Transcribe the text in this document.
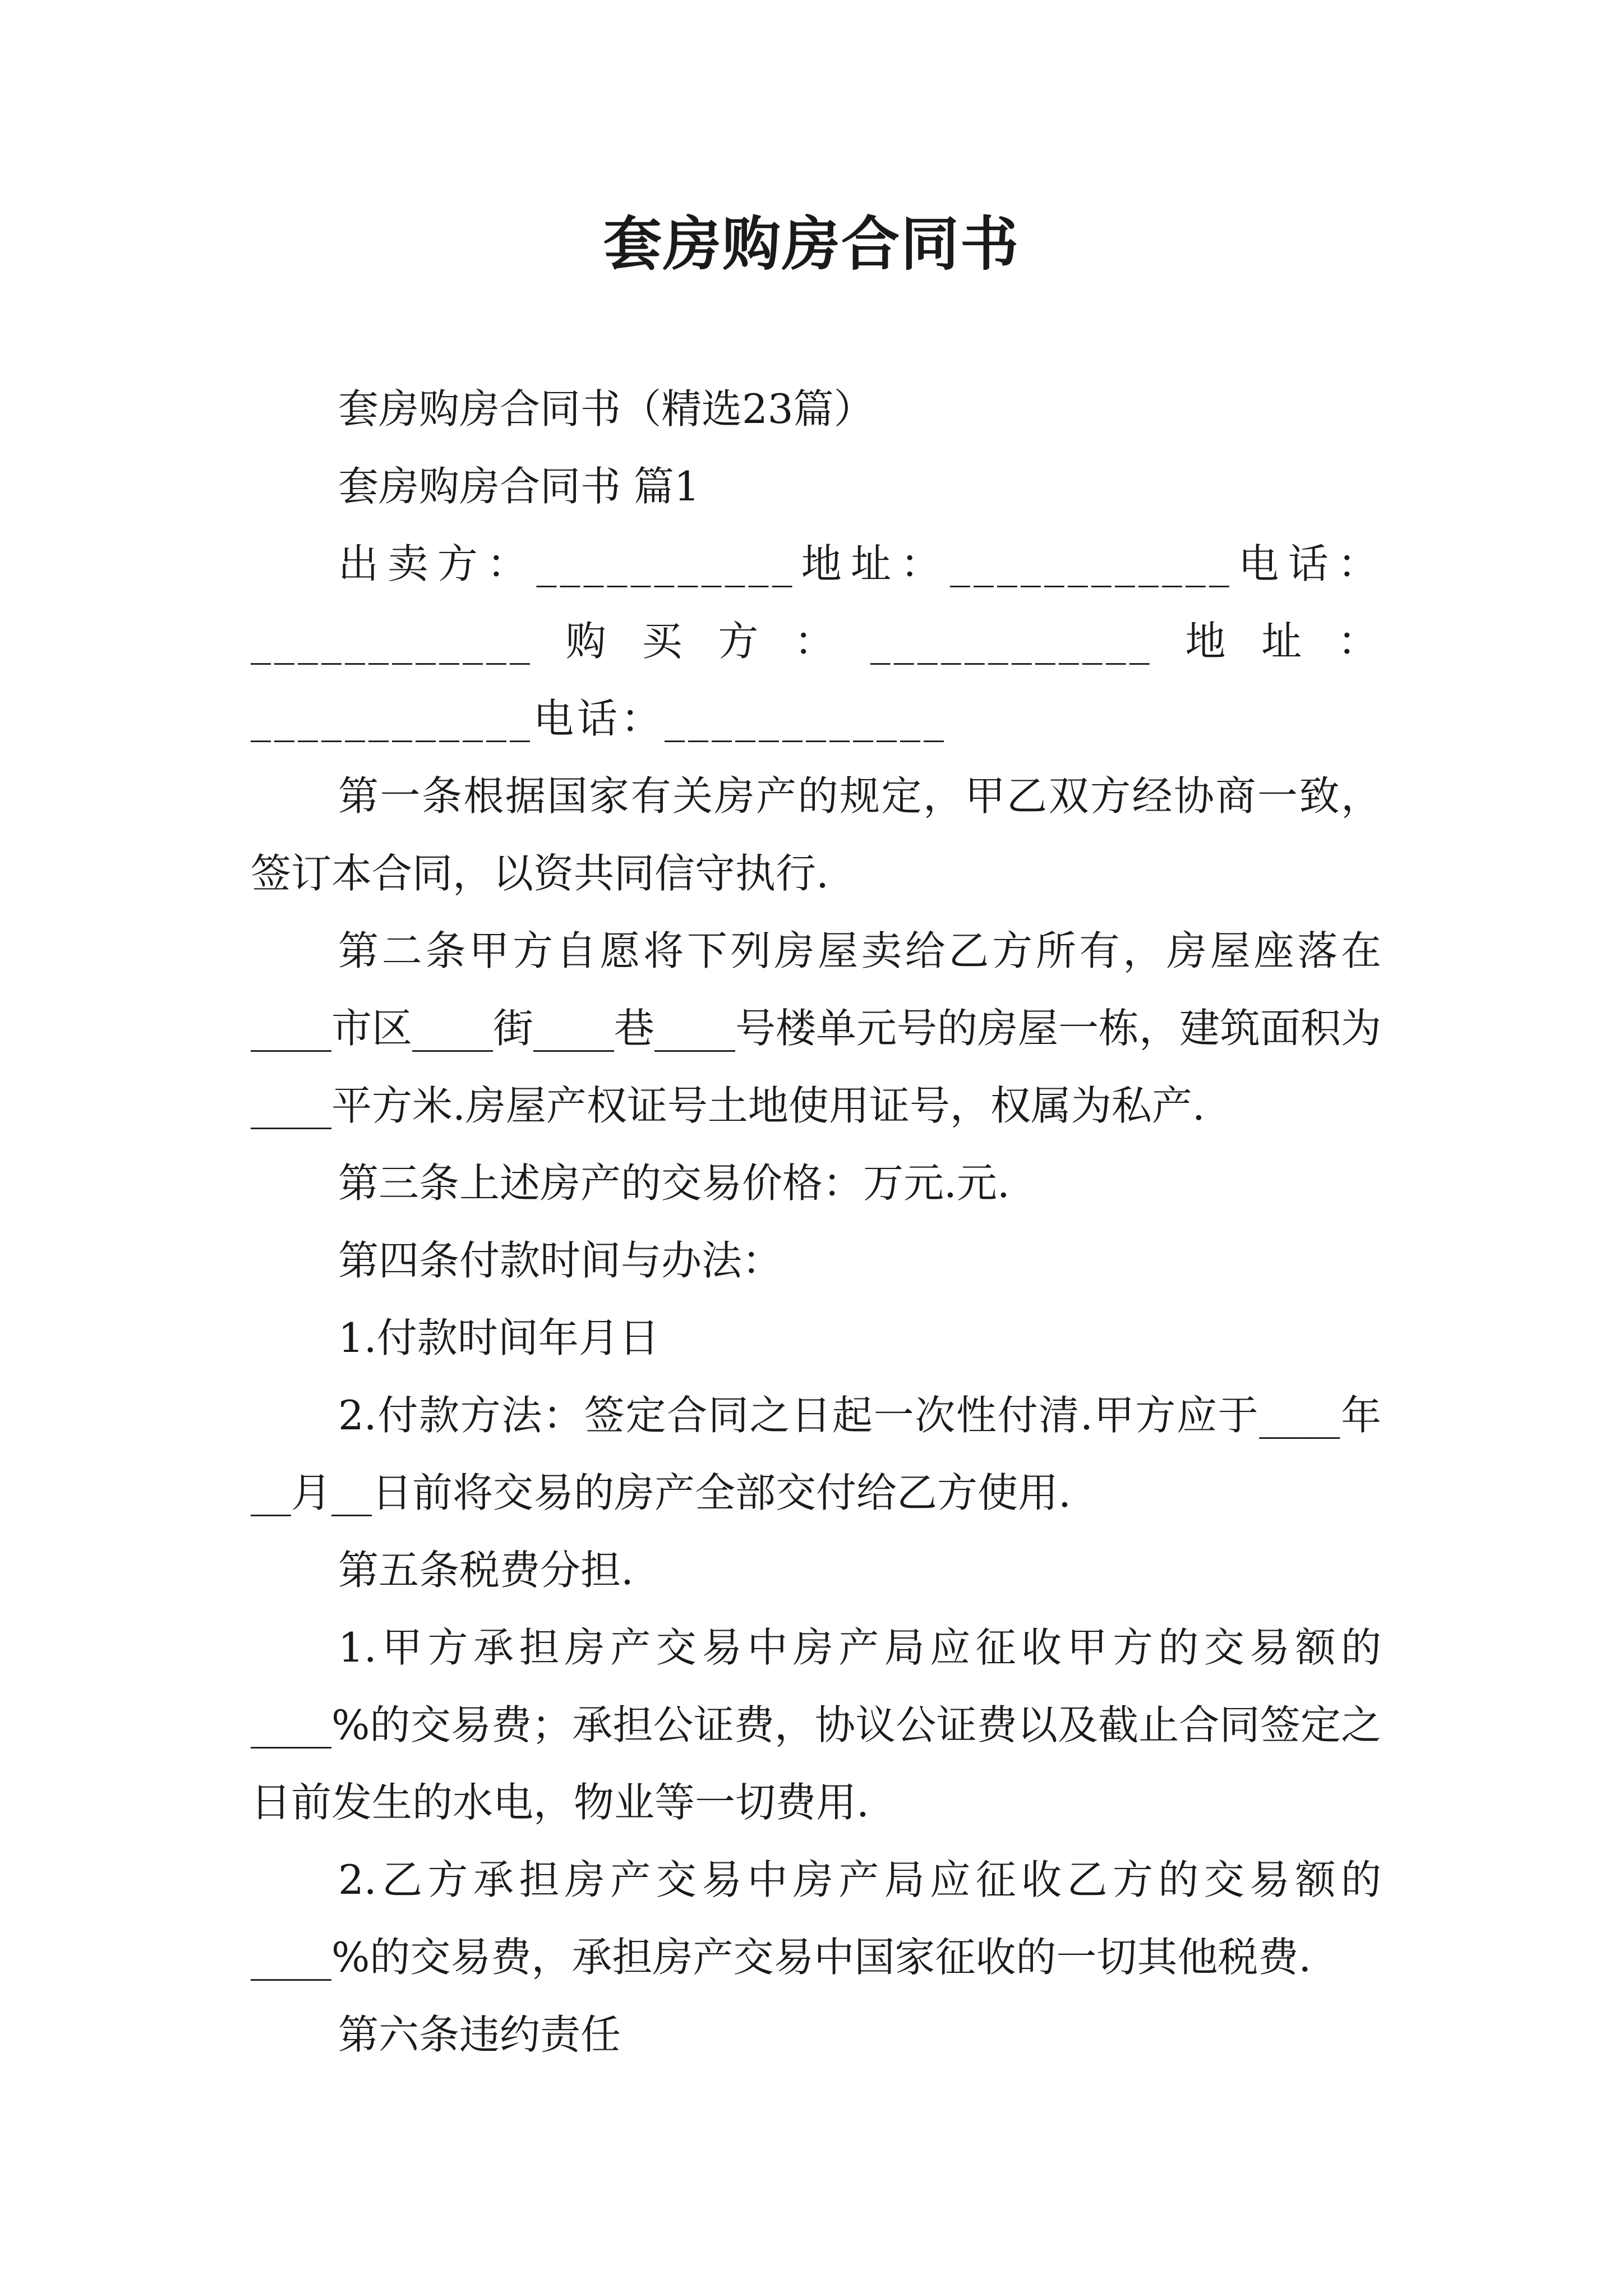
套房购房合同书

套房购房合同书（精选23篇）

套房购房合同书 篇1

出卖方：___________地址：____________电话：____________购买方：____________地址：____________电话：____________

第一条根据国家有关房产的规定，甲乙双方经协商一致，签订本合同，以资共同信守执行.

第二条甲方自愿将下列房屋卖给乙方所有，房屋座落在____市区____街____巷____号楼单元号的房屋一栋，建筑面积为____平方米.房屋产权证号土地使用证号，权属为私产.

第三条上述房产的交易价格：万元.元.

第四条付款时间与办法：

1.付款时间年月日

2.付款方法：签定合同之日起一次性付清.甲方应于____年__月__日前将交易的房产全部交付给乙方使用.

第五条税费分担.

1.甲方承担房产交易中房产局应征收甲方的交易额的____%的交易费；承担公证费，协议公证费以及截止合同签定之日前发生的水电，物业等一切费用.

2.乙方承担房产交易中房产局应征收乙方的交易额的____%的交易费，承担房产交易中国家征收的一切其他税费.

第六条违约责任
